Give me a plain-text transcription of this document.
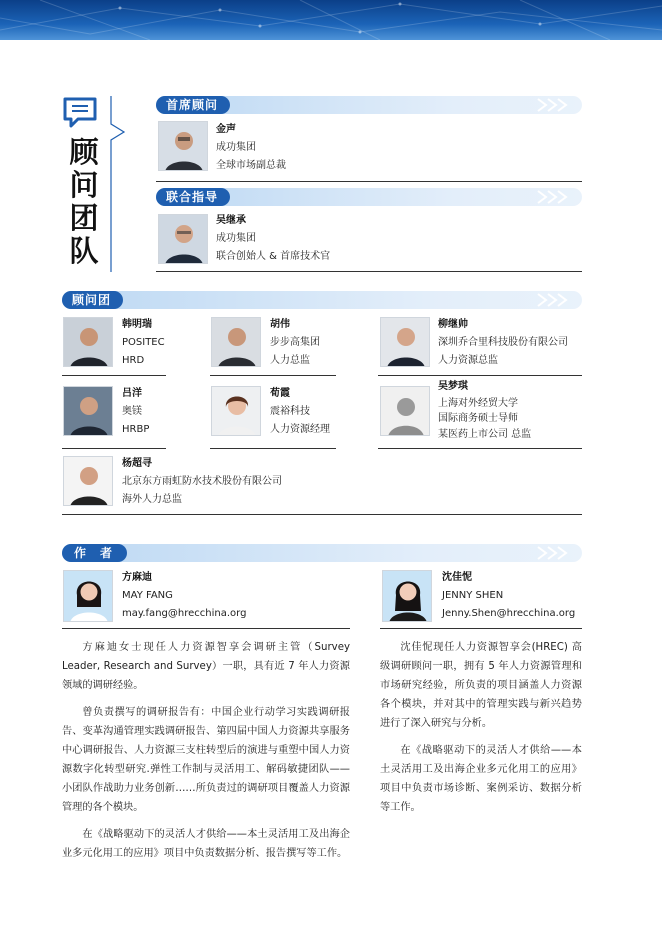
顾
问
团
队
首席顾问
金声
成功集团
全球市场副总裁
联合指导
吴继承
成功集团
联合创始人 & 首席技术官
顾问团
韩明瑞
POSITEC
HRD
胡伟
步步高集团
人力总监
柳继帅
深圳乔合里科技股份有限公司
人力资源总监
吕洋
奥镁
HRBP
荀霞
震裕科技
人力资源经理
吴梦琪
上海对外经贸大学
国际商务硕士导师
某医药上市公司 总监
杨超寻
北京东方雨虹防水技术股份有限公司
海外人力总监
作　者
方麻迪
MAY FANG
may.fang@hrecchina.org

方麻迪女士现任人力资源智享会调研主管（Survey Leader, Research and Survey）一职，具有近 7 年人力资源领域的调研经验。

曾负责撰写的调研报告有：中国企业行动学习实践调研报告、变革沟通管理实践调研报告、第四届中国人力资源共享服务中心调研报告、人力资源三支柱转型后的演进与重塑中国人力资源数字化转型研究.弹性工作制与灵活用工、解码敏捷团队——小团队作战助力业务创新……所负责过的调研项目覆盖人力资源管理的各个模块。

在《战略驱动下的灵活人才供给——本土灵活用工及出海企业多元化用工的应用》项目中负责数据分析、报告撰写等工作。

沈佳怩
JENNY SHEN
Jenny.Shen@hrecchina.org

沈佳怩现任人力资源智享会(HREC) 高级调研顾问一职，拥有 5 年人力资源管理和市场研究经验，所负责的项目涵盖人力资源各个模块，并对其中的管理实践与新兴趋势进行了深入研究与分析。

在《战略驱动下的灵活人才供给——本土灵活用工及出海企业多元化用工的应用》项目中负责市场诊断、案例采访、数据分析等工作。
